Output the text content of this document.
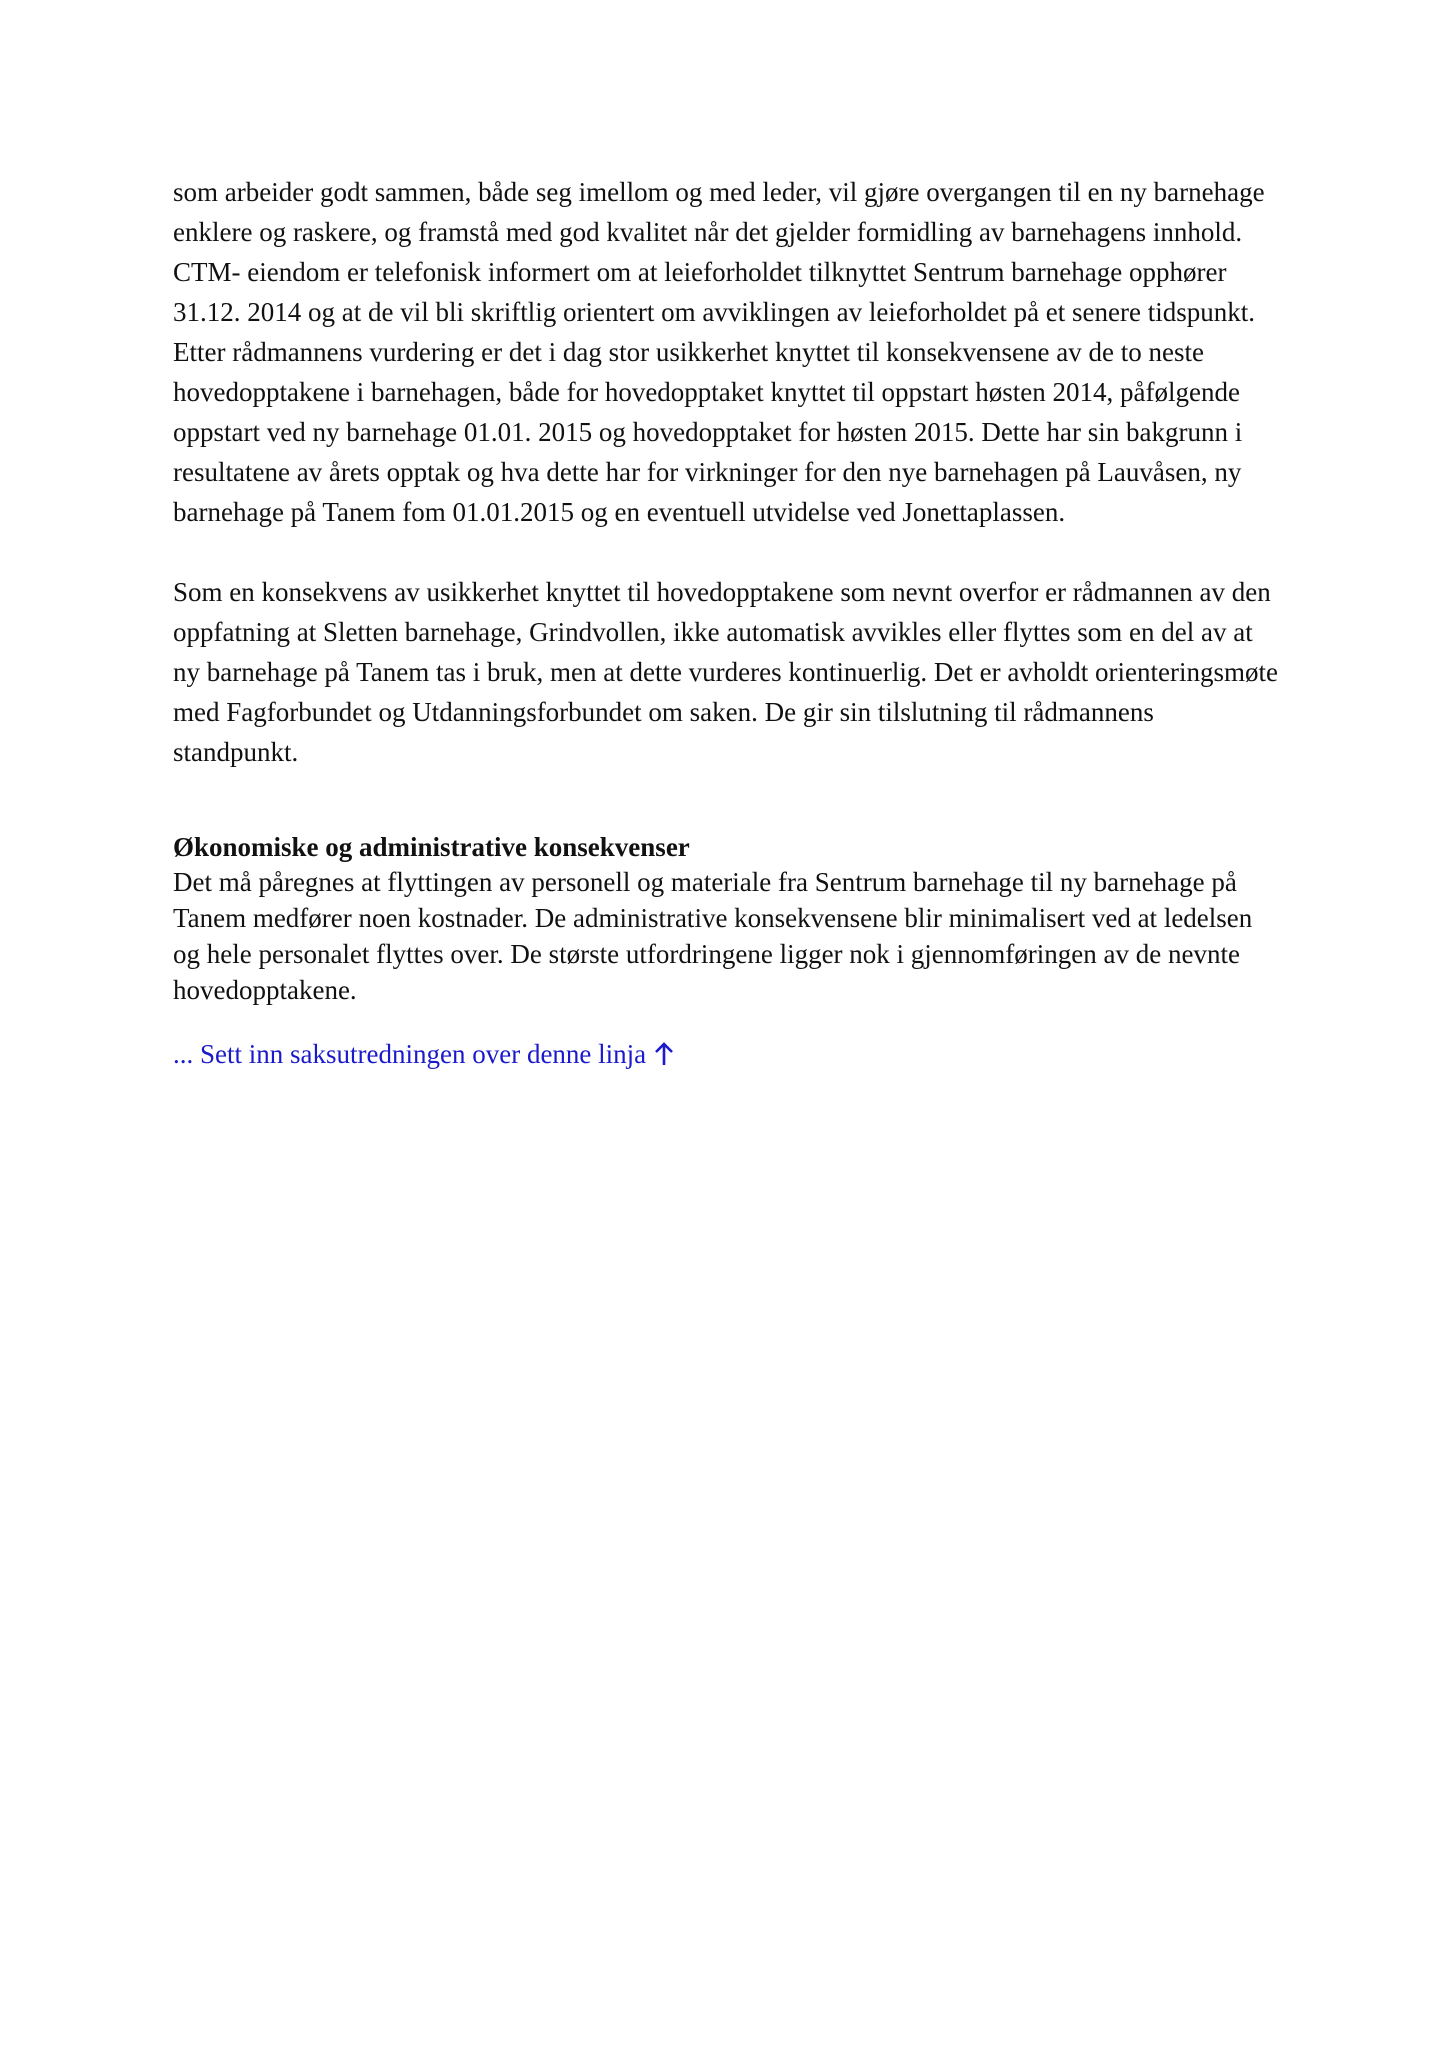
som arbeider godt sammen, både seg imellom og med leder, vil gjøre overgangen til en ny barnehage enklere og raskere, og framstå med god kvalitet når det gjelder formidling av barnehagens innhold.

CTM- eiendom er telefonisk informert om at leieforholdet tilknyttet Sentrum barnehage opphører 31.12. 2014 og at de vil bli skriftlig orientert om avviklingen av leieforholdet på et senere tidspunkt.

Etter rådmannens vurdering er det i dag stor usikkerhet knyttet til konsekvensene av de to neste hovedopptakene i barnehagen, både for hovedopptaket knyttet til oppstart høsten 2014, påfølgende oppstart ved ny barnehage 01.01. 2015 og hovedopptaket for høsten 2015. Dette har sin bakgrunn i resultatene av årets opptak og hva dette har for virkninger for den nye barnehagen på Lauvåsen, ny barnehage på Tanem fom 01.01.2015 og en eventuell utvidelse ved Jonettaplassen.

Som en konsekvens av usikkerhet knyttet til hovedopptakene som nevnt overfor er rådmannen av den oppfatning at Sletten barnehage, Grindvollen, ikke automatisk avvikles eller flyttes som en del av at ny barnehage på Tanem tas i bruk, men at dette vurderes kontinuerlig. Det er avholdt orienteringsmøte med Fagforbundet og Utdanningsforbundet om saken. De gir sin tilslutning til rådmannens standpunkt.

Økonomiske og administrative konsekvenser

Det må påregnes at flyttingen av personell og materiale fra Sentrum barnehage til ny barnehage på Tanem medfører noen kostnader. De administrative konsekvensene blir minimalisert ved at ledelsen og hele personalet flyttes over. De største utfordringene ligger nok i gjennomføringen av de nevnte hovedopptakene.

... Sett inn saksutredningen over denne linja
